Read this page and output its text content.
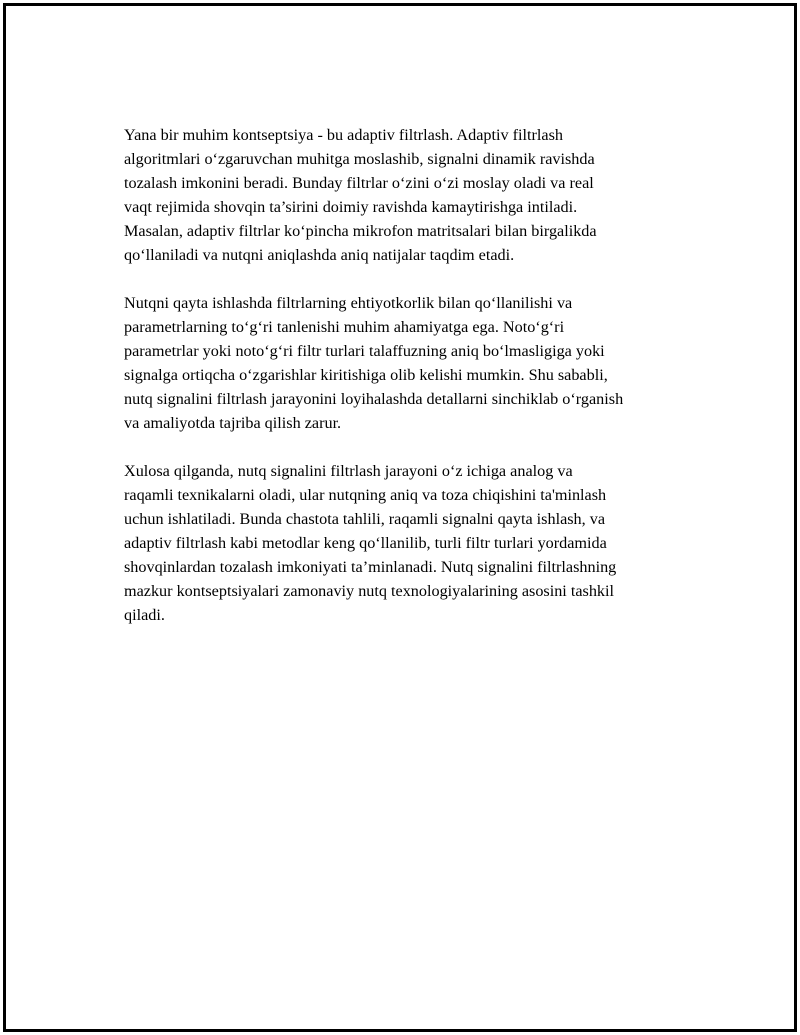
Yana bir muhim kontseptsiya - bu adaptiv filtrlash. Adaptiv filtrlash
algoritmlari o‘zgaruvchan muhitga moslashib, signalni dinamik ravishda
tozalash imkonini beradi. Bunday filtrlar o‘zini o‘zi moslay oladi va real
vaqt rejimida shovqin ta’sirini doimiy ravishda kamaytirishga intiladi.
Masalan, adaptiv filtrlar ko‘pincha mikrofon matritsalari bilan birgalikda
qo‘llaniladi va nutqni aniqlashda aniq natijalar taqdim etadi.

Nutqni qayta ishlashda filtrlarning ehtiyotkorlik bilan qo‘llanilishi va
parametrlarning to‘g‘ri tanlenishi muhim ahamiyatga ega. Noto‘g‘ri
parametrlar yoki noto‘g‘ri filtr turlari talaffuzning aniq bo‘lmasligiga yoki
signalga ortiqcha o‘zgarishlar kiritishiga olib kelishi mumkin. Shu sababli,
nutq signalini filtrlash jarayonini loyihalashda detallarni sinchiklab o‘rganish
va amaliyotda tajriba qilish zarur.

Xulosa qilganda, nutq signalini filtrlash jarayoni o‘z ichiga analog va
raqamli texnikalarni oladi, ular nutqning aniq va toza chiqishini ta'minlash
uchun ishlatiladi. Bunda chastota tahlili, raqamli signalni qayta ishlash, va
adaptiv filtrlash kabi metodlar keng qo‘llanilib, turli filtr turlari yordamida
shovqinlardan tozalash imkoniyati ta’minlanadi. Nutq signalini filtrlashning
mazkur kontseptsiyalari zamonaviy nutq texnologiyalarining asosini tashkil
qiladi.
